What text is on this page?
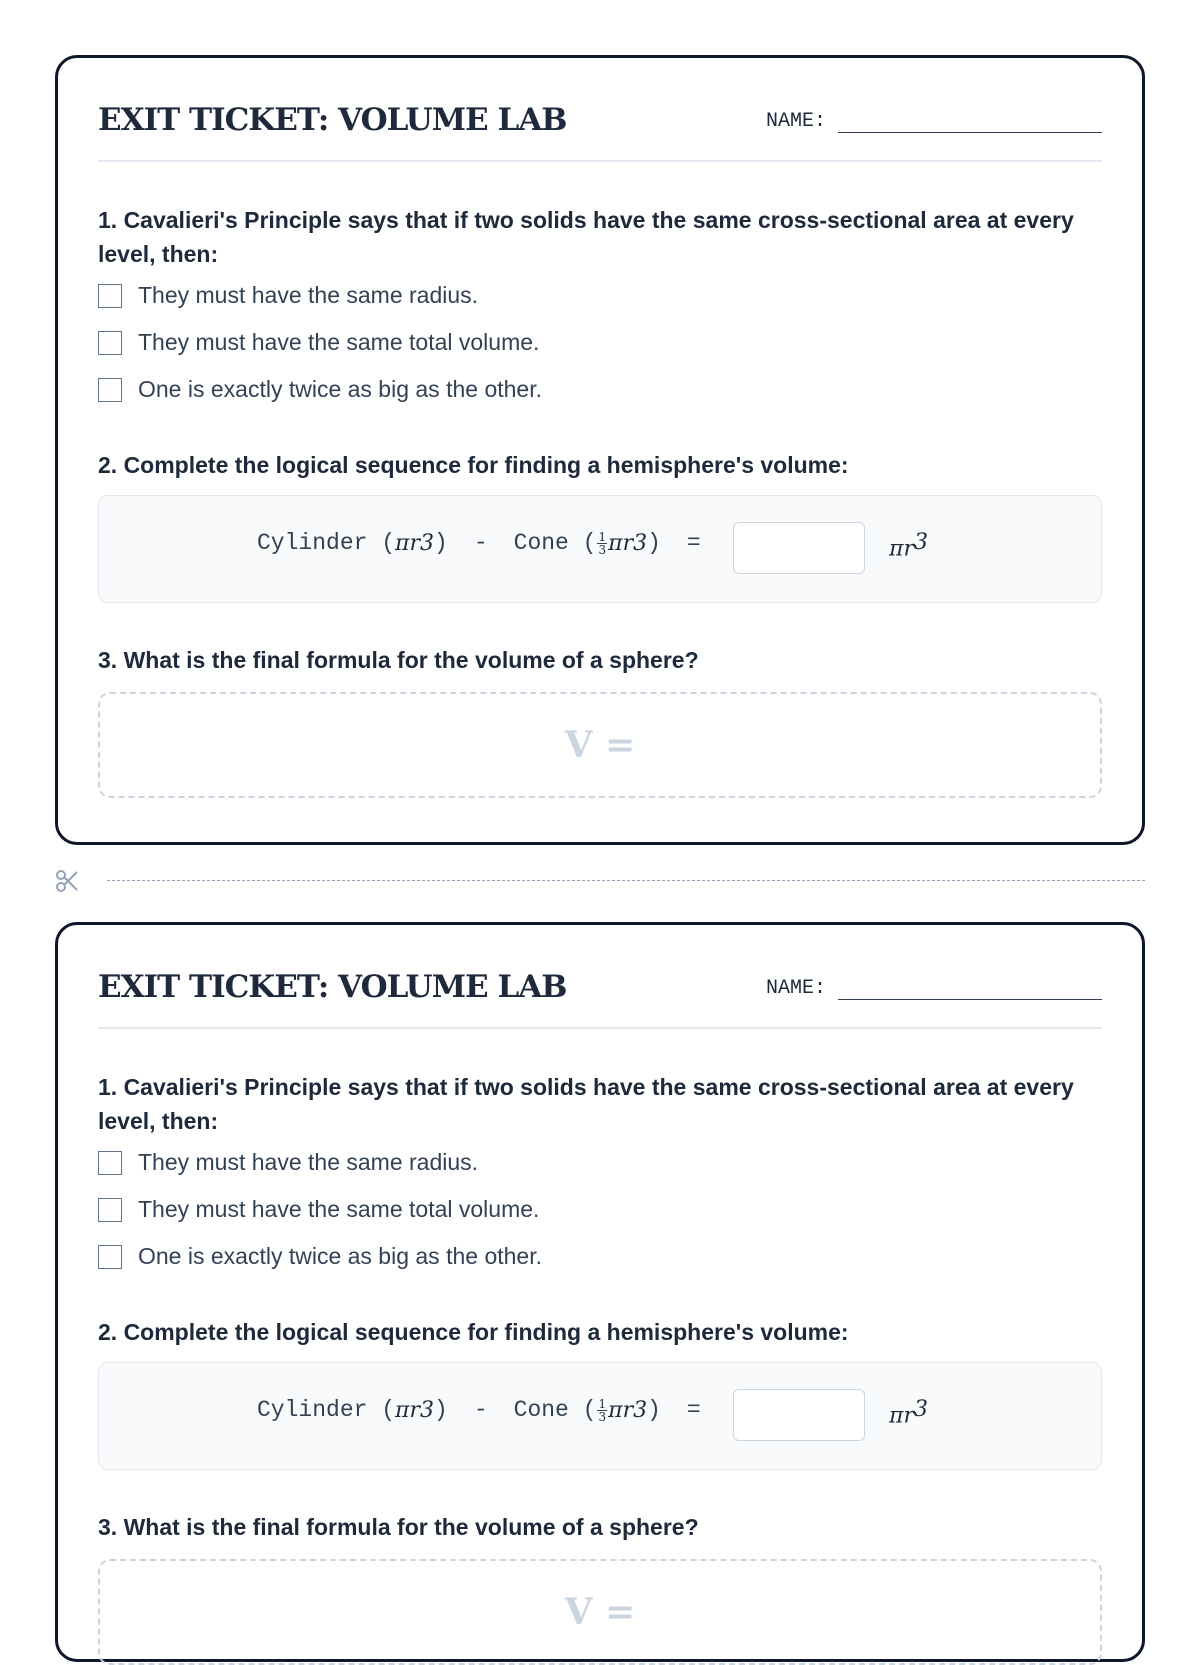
EXIT TICKET: VOLUME LAB	NAME:
1. Cavalieri's Principle says that if two solids have the same cross-sectional area at every level, then:
They must have the same radius.
They must have the same total volume.
One is exactly twice as big as the other.
2. Complete the logical sequence for finding a hemisphere's volume:
Cylinder ( πr 3 ) - Cone ( $\frac{1}{3}$ πr 3 ) =	$\pi r^3$
3. What is the final formula for the volume of a sphere?
V =
EXIT TICKET: VOLUME LAB	NAME:
1. Cavalieri's Principle says that if two solids have the same cross-sectional area at every level, then:
They must have the same radius.
They must have the same total volume.
One is exactly twice as big as the other.
2. Complete the logical sequence for finding a hemisphere's volume:
Cylinder ( πr 3 ) - Cone ( $\frac{1}{3}$ πr 3 ) =	$\pi r^3$
3. What is the final formula for the volume of a sphere?
V =
